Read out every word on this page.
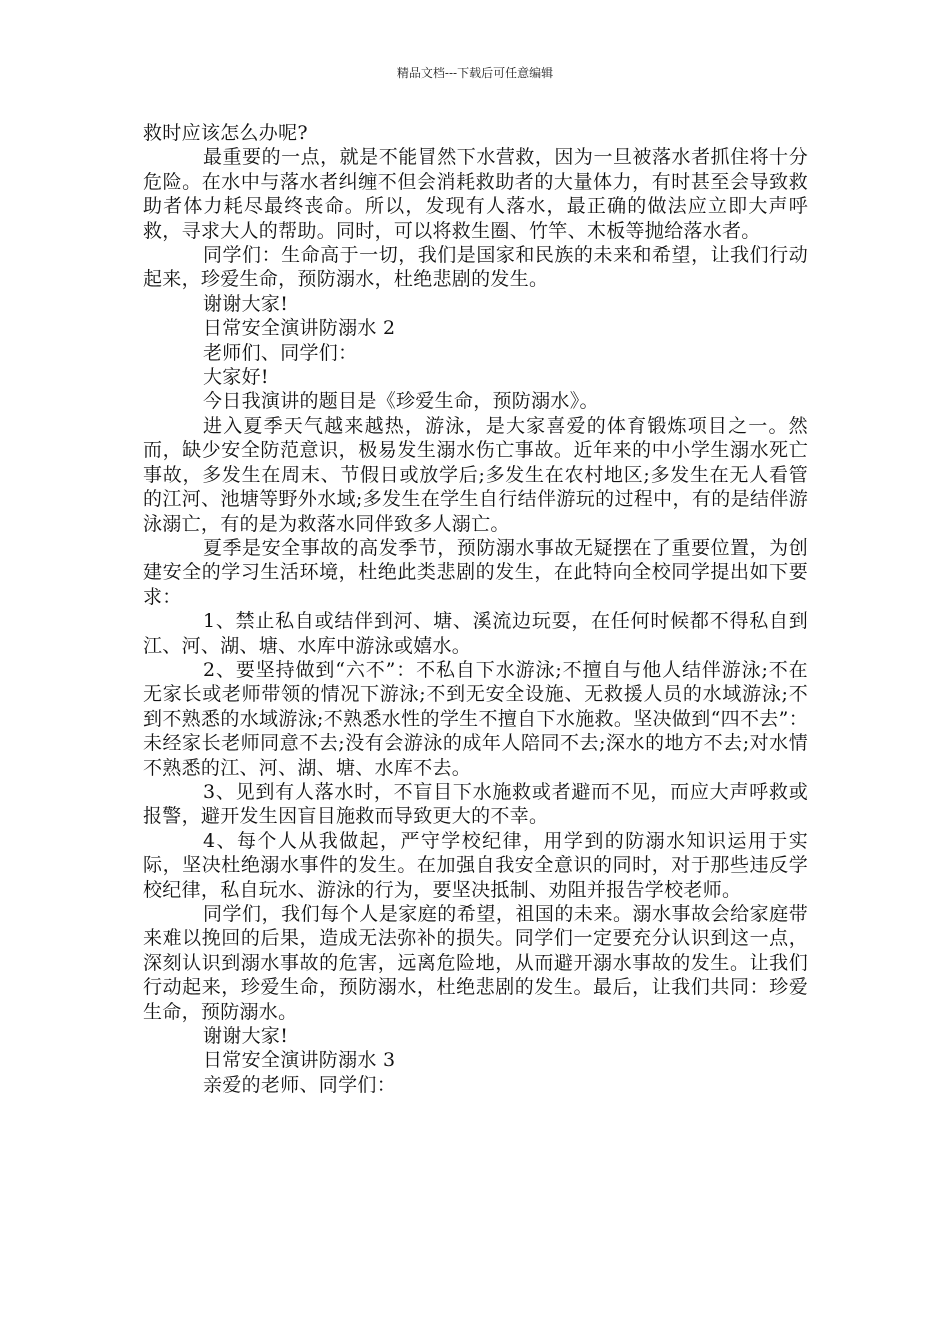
精品文档---下载后可任意编辑

救时应该怎么办呢?

最重要的一点，就是不能冒然下水营救，因为一旦被落水者抓住将十分危险。在水中与落水者纠缠不但会消耗救助者的大量体力，有时甚至会导致救助者体力耗尽最终丧命。所以，发现有人落水，最正确的做法应立即大声呼救，寻求大人的帮助。同时，可以将救生圈、竹竿、木板等抛给落水者。

同学们：生命高于一切，我们是国家和民族的未来和希望，让我们行动起来，珍爱生命，预防溺水，杜绝悲剧的发生。

谢谢大家!

日常安全演讲防溺水 2

老师们、同学们：

大家好!

今日我演讲的题目是《珍爱生命，预防溺水》。

进入夏季天气越来越热，游泳，是大家喜爱的体育锻炼项目之一。然而，缺少安全防范意识，极易发生溺水伤亡事故。近年来的中小学生溺水死亡事故，多发生在周末、节假日或放学后;多发生在农村地区;多发生在无人看管的江河、池塘等野外水域;多发生在学生自行结伴游玩的过程中，有的是结伴游泳溺亡，有的是为救落水同伴致多人溺亡。

夏季是安全事故的高发季节，预防溺水事故无疑摆在了重要位置，为创建安全的学习生活环境，杜绝此类悲剧的发生，在此特向全校同学提出如下要求：

1、禁止私自或结伴到河、塘、溪流边玩耍，在任何时候都不得私自到江、河、湖、塘、水库中游泳或嬉水。

2、要坚持做到“六不”：不私自下水游泳;不擅自与他人结伴游泳;不在无家长或老师带领的情况下游泳;不到无安全设施、无救援人员的水域游泳;不到不熟悉的水域游泳;不熟悉水性的学生不擅自下水施救。坚决做到“四不去”：未经家长老师同意不去;没有会游泳的成年人陪同不去;深水的地方不去;对水情不熟悉的江、河、湖、塘、水库不去。

3、见到有人落水时，不盲目下水施救或者避而不见，而应大声呼救或报警，避开发生因盲目施救而导致更大的不幸。

4、每个人从我做起，严守学校纪律，用学到的防溺水知识运用于实际，坚决杜绝溺水事件的发生。在加强自我安全意识的同时，对于那些违反学校纪律，私自玩水、游泳的行为，要坚决抵制、劝阻并报告学校老师。

同学们，我们每个人是家庭的希望，祖国的未来。溺水事故会给家庭带来难以挽回的后果，造成无法弥补的损失。同学们一定要充分认识到这一点，深刻认识到溺水事故的危害，远离危险地，从而避开溺水事故的发生。让我们行动起来，珍爱生命，预防溺水，杜绝悲剧的发生。最后，让我们共同：珍爱生命，预防溺水。

谢谢大家!

日常安全演讲防溺水 3

亲爱的老师、同学们：
